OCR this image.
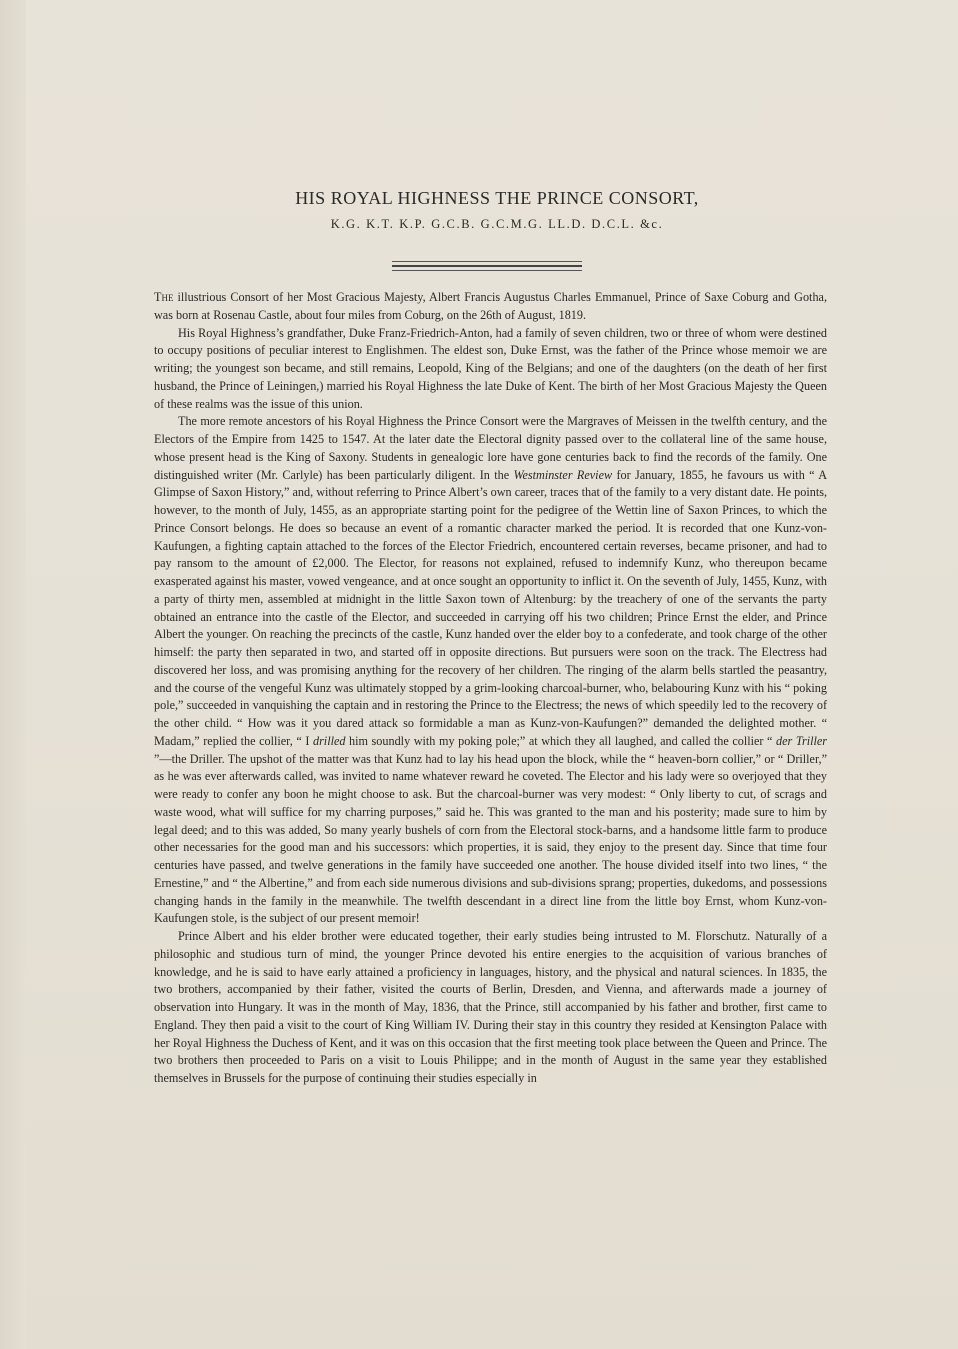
HIS ROYAL HIGHNESS THE PRINCE CONSORT,
K.G. K.T. K.P. G.C.B. G.C.M.G. LL.D. D.C.L. &c.

The illustrious Consort of her Most Gracious Majesty, Albert Francis Augustus Charles Emmanuel, Prince of Saxe Coburg and Gotha, was born at Rosenau Castle, about four miles from Coburg, on the 26th of August, 1819.

His Royal Highness’s grandfather, Duke Franz-Friedrich-Anton, had a family of seven children, two or three of whom were destined to occupy positions of peculiar interest to Englishmen. The eldest son, Duke Ernst, was the father of the Prince whose memoir we are writing; the youngest son became, and still remains, Leopold, King of the Belgians; and one of the daughters (on the death of her first husband, the Prince of Leiningen,) married his Royal Highness the late Duke of Kent. The birth of her Most Gracious Majesty the Queen of these realms was the issue of this union.

The more remote ancestors of his Royal Highness the Prince Consort were the Margraves of Meissen in the twelfth century, and the Electors of the Empire from 1425 to 1547. At the later date the Electoral dignity passed over to the collateral line of the same house, whose present head is the King of Saxony. Students in genealogic lore have gone centuries back to find the records of the family. One distinguished writer (Mr. Carlyle) has been particularly diligent. In the Westminster Review for January, 1855, he favours us with “ A Glimpse of Saxon History,” and, without referring to Prince Albert’s own career, traces that of the family to a very distant date. He points, however, to the month of July, 1455, as an appropriate starting point for the pedigree of the Wettin line of Saxon Princes, to which the Prince Consort belongs. He does so because an event of a romantic character marked the period. It is recorded that one Kunz-von-Kaufungen, a fighting captain attached to the forces of the Elector Friedrich, encountered certain reverses, became prisoner, and had to pay ransom to the amount of £2,000. The Elector, for reasons not explained, refused to indemnify Kunz, who thereupon became exasperated against his master, vowed vengeance, and at once sought an opportunity to inflict it. On the seventh of July, 1455, Kunz, with a party of thirty men, assembled at midnight in the little Saxon town of Altenburg: by the treachery of one of the servants the party obtained an entrance into the castle of the Elector, and succeeded in carrying off his two children; Prince Ernst the elder, and Prince Albert the younger. On reaching the precincts of the castle, Kunz handed over the elder boy to a confederate, and took charge of the other himself: the party then separated in two, and started off in opposite directions. But pursuers were soon on the track. The Electress had discovered her loss, and was promising anything for the recovery of her children. The ringing of the alarm bells startled the peasantry, and the course of the vengeful Kunz was ultimately stopped by a grim-looking charcoal-burner, who, belabouring Kunz with his “ poking pole,” succeeded in vanquishing the captain and in restoring the Prince to the Electress; the news of which speedily led to the recovery of the other child. “ How was it you dared attack so formidable a man as Kunz-von-Kaufungen?” demanded the delighted mother. “ Madam,” replied the collier, “ I drilled him soundly with my poking pole;” at which they all laughed, and called the collier “ der Triller ”—the Driller. The upshot of the matter was that Kunz had to lay his head upon the block, while the “ heaven-born collier,” or “ Driller,” as he was ever afterwards called, was invited to name whatever reward he coveted. The Elector and his lady were so overjoyed that they were ready to confer any boon he might choose to ask. But the charcoal-burner was very modest: “ Only liberty to cut, of scrags and waste wood, what will suffice for my charring purposes,” said he. This was granted to the man and his posterity; made sure to him by legal deed; and to this was added, So many yearly bushels of corn from the Electoral stock-barns, and a handsome little farm to produce other necessaries for the good man and his successors: which properties, it is said, they enjoy to the present day. Since that time four centuries have passed, and twelve generations in the family have succeeded one another. The house divided itself into two lines, “ the Ernestine,” and “ the Albertine,” and from each side numerous divisions and sub-divisions sprang; properties, dukedoms, and possessions changing hands in the family in the meanwhile. The twelfth descendant in a direct line from the little boy Ernst, whom Kunz-von-Kaufungen stole, is the subject of our present memoir!

Prince Albert and his elder brother were educated together, their early studies being intrusted to M. Florschutz. Naturally of a philosophic and studious turn of mind, the younger Prince devoted his entire energies to the acquisition of various branches of knowledge, and he is said to have early attained a proficiency in languages, history, and the physical and natural sciences. In 1835, the two brothers, accompanied by their father, visited the courts of Berlin, Dresden, and Vienna, and afterwards made a journey of observation into Hungary. It was in the month of May, 1836, that the Prince, still accompanied by his father and brother, first came to England. They then paid a visit to the court of King William IV. During their stay in this country they resided at Kensington Palace with her Royal Highness the Duchess of Kent, and it was on this occasion that the first meeting took place between the Queen and Prince. The two brothers then proceeded to Paris on a visit to Louis Philippe; and in the month of August in the same year they established themselves in Brussels for the purpose of continuing their studies especially in
